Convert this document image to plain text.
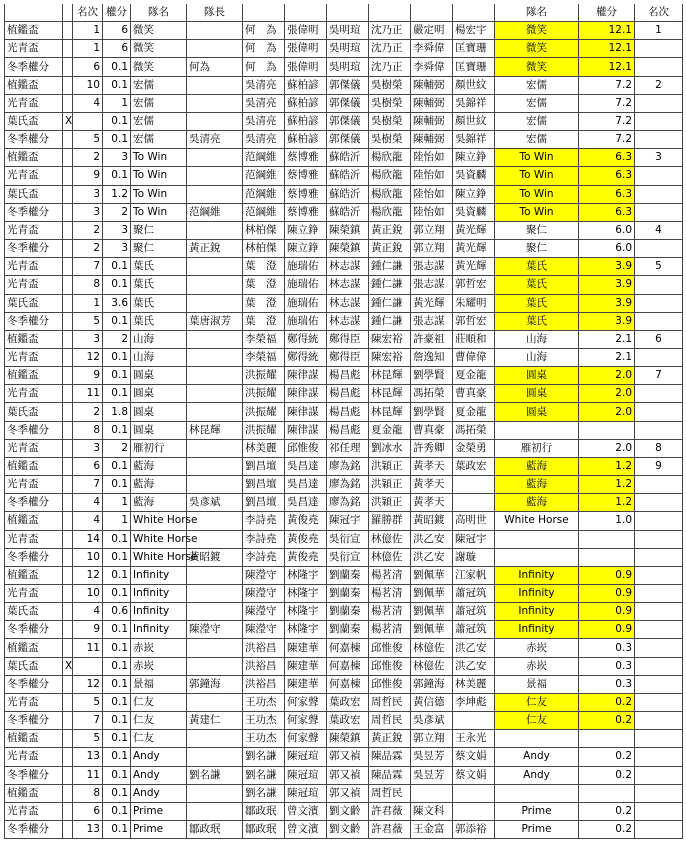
		名次	權分	隊名	隊長							隊名	權分	名次
植鑑盃		1	6	微笑		何　為	張偉明	吳明瑄	沈乃正	嚴定明	楊宏宇	微笑	12.1	1
光青盃		1	6	微笑		何　為	張偉明	吳明瑄	沈乃正	李舜偉	匡寶珊	微笑	12.1	
冬季權分		6	0.1	微笑	何為	何　為	張偉明	吳明瑄	沈乃正	李舜偉	匡寶珊	微笑	12.1	
植鑑盃		10	0.1	宏儒		吳清亮	蘇柏諺	郭傑儀	吳樹榮	陳輔弼	顏世紋	宏儒	7.2	2
光青盃		4	1	宏儒		吳清亮	蘇柏諺	郭傑儀	吳樹榮	陳輔弼	吳錦祥	宏儒	7.2	
葉氏盃	X		0.1	宏儒		吳清亮	蘇柏諺	郭傑儀	吳樹榮	陳輔弼	顏世紋	宏儒	7.2	
冬季權分		5	0.1	宏儒	吳清亮	吳清亮	蘇柏諺	郭傑儀	吳樹榮	陳輔弼	吳錦祥	宏儒	7.2	
植鑑盃		2	3	To Win		范綱維	蔡博雅	蘇皓沂	楊欣龍	陸怡如	陳立錚	To Win	6.3	3
光青盃		9	0.1	To Win		范綱維	蔡博雅	蘇皓沂	楊欣龍	陸怡如	吳資麟	To Win	6.3	
葉氏盃		3	1.2	To Win		范綱維	蔡博雅	蘇皓沂	楊欣龍	陸怡如	陳立錚	To Win	6.3	
冬季權分		3	2	To Win	范綱維	范綱維	蔡博雅	蘇皓沂	楊欣龍	陸怡如	吳資麟	To Win	6.3	
光青盃		2	3	聚仁		林柏傑	陳立錚	陳榮鎮	黃正銳	郭立翔	黃光輝	聚仁	6.0	4
冬季權分		2	3	聚仁	黃正銳	林柏傑	陳立錚	陳榮鎮	黃正銳	郭立翔	黃光輝	聚仁	6.0	
光青盃		7	0.1	葉氏		葉　澄	施瑞佑	林志謀	鍾仁謙	張志謀	黃光輝	葉氏	3.9	5
光青盃		8	0.1	葉氏		葉　澄	施瑞佑	林志謀	鍾仁謙	張志謀	郭哲宏	葉氏	3.9	
葉氏盃		1	3.6	葉氏		葉　澄	施瑞佑	林志謀	鍾仁謙	黃光輝	朱耀明	葉氏	3.9	
冬季權分		5	0.1	葉氏	葉唐淑芳	葉　澄	施瑞佑	林志謀	鍾仁謙	張志謀	郭哲宏	葉氏	3.9	
植鑑盃		3	2	山海		李榮福	鄭得統	鄭得臣	陳宏裕	許豪祖	莊順和	山海	2.1	6
光青盃		12	0.1	山海		李榮福	鄭得統	鄭得臣	陳宏裕	詹逸知	曹偉偉	山海	2.1	
植鑑盃		9	0.1	圓桌		洪振耀	陳律謀	楊昌彪	林昆輝	劉學賢	夏金龍	圓桌	2.0	7
光青盃		11	0.1	圓桌		洪振耀	陳律謀	楊昌彪	林昆輝	馮拓榮	曹真豪	圓桌	2.0	
葉氏盃		2	1.8	圓桌		洪振耀	陳律謀	楊昌彪	林昆輝	劉學賢	夏金龍	圓桌	2.0	
冬季權分		8	0.1	圓桌	林昆輝	洪振耀	陳律謀	楊昌彪	夏金龍	曹真豪	馮拓榮			
光青盃		3	2	雁初行		林美麗	邱惟俊	祁任理	劉冰水	許秀卿	金榮勇	雁初行	2.0	8
植鑑盃		6	0.1	藍海		劉昌壇	吳昌達	廖為銘	洪穎正	黃孝天	葉政宏	藍海	1.2	9
光青盃		7	0.1	藍海		劉昌壇	吳昌達	廖為銘	洪穎正	黃孝天		藍海	1.2	
冬季權分		4	1	藍海	吳彥斌	劉昌壇	吳昌達	廖為銘	洪穎正	黃孝天		藍海	1.2	
植鑑盃		4	1	White Horse		李詩堯	黃俊堯	陳冠宇	羅勝群	黃昭鍍	高明世	White Horse	1.0	
光青盃		14	0.1	White Horse		李詩堯	黃俊堯	吳衍宣	林億佐	洪乙安	陳冠宇			
冬季權分		10	0.1	White Horse	黃昭鍍	李詩堯	黃俊堯	吳衍宣	林億佐	洪乙安	謝璇			
植鑑盃		12	0.1	Infinity		陳瀅守	林隆宇	劉蘭秦	楊茗清	劉佩華	江家帆	Infinity	0.9	
光青盃		10	0.1	Infinity		陳瀅守	林隆宇	劉蘭秦	楊茗清	劉佩華	蕭冠筑	Infinity	0.9	
葉氏盃		4	0.6	Infinity		陳瀅守	林隆宇	劉蘭秦	楊茗清	劉佩華	蕭冠筑	Infinity	0.9	
冬季權分		9	0.1	Infinity	陳瀅守	陳瀅守	林隆宇	劉蘭秦	楊茗清	劉佩華	蕭冠筑	Infinity	0.9	
植鑑盃		11	0.1	赤崁		洪裕昌	陳建華	何嘉棟	邱惟俊	林億佐	洪乙安	赤崁	0.3	
葉氏盃	X		0.1	赤崁		洪裕昌	陳建華	何嘉棟	邱惟俊	林億佐	洪乙安	赤崁	0.3	
冬季權分		12	0.1	景福	郭鐘海	洪裕昌	陳建華	何嘉棟	邱惟俊	郭鐘海	林美麗	景福	0.3	
光青盃		5	0.1	仁友		王功杰	何家聲	葉政宏	周哲民	黃信德	李坤彪	仁友	0.2	
冬季權分		7	0.1	仁友	黃建仁	王功杰	何家聲	葉政宏	周哲民	吳彥斌		仁友	0.2	
植鑑盃		5	0.1	仁友		王功杰	何家聲	陳榮鎮	黃正銳	郭立翔	王永光			
光青盃		13	0.1	Andy		劉名謙	陳冠瑄	郭又禎	陳品霖	吳昱芳	蔡文娟	Andy	0.2	
冬季權分		11	0.1	Andy	劉名謙	劉名謙	陳冠瑄	郭又禎	陳品霖	吳昱芳	蔡文娟	Andy	0.2	
植鑑盃		8	0.1	Andy		劉名謙	陳冠瑄	郭又禎	周哲民					
光青盃		6	0.1	Prime		鄒政珉	曾文濱	劉文齡	許君薇	陳文科		Prime	0.2	
冬季權分		13	0.1	Prime	鄒政珉	鄒政珉	曾文濱	劉文齡	許君薇	王金富	郭添裕	Prime	0.2	
